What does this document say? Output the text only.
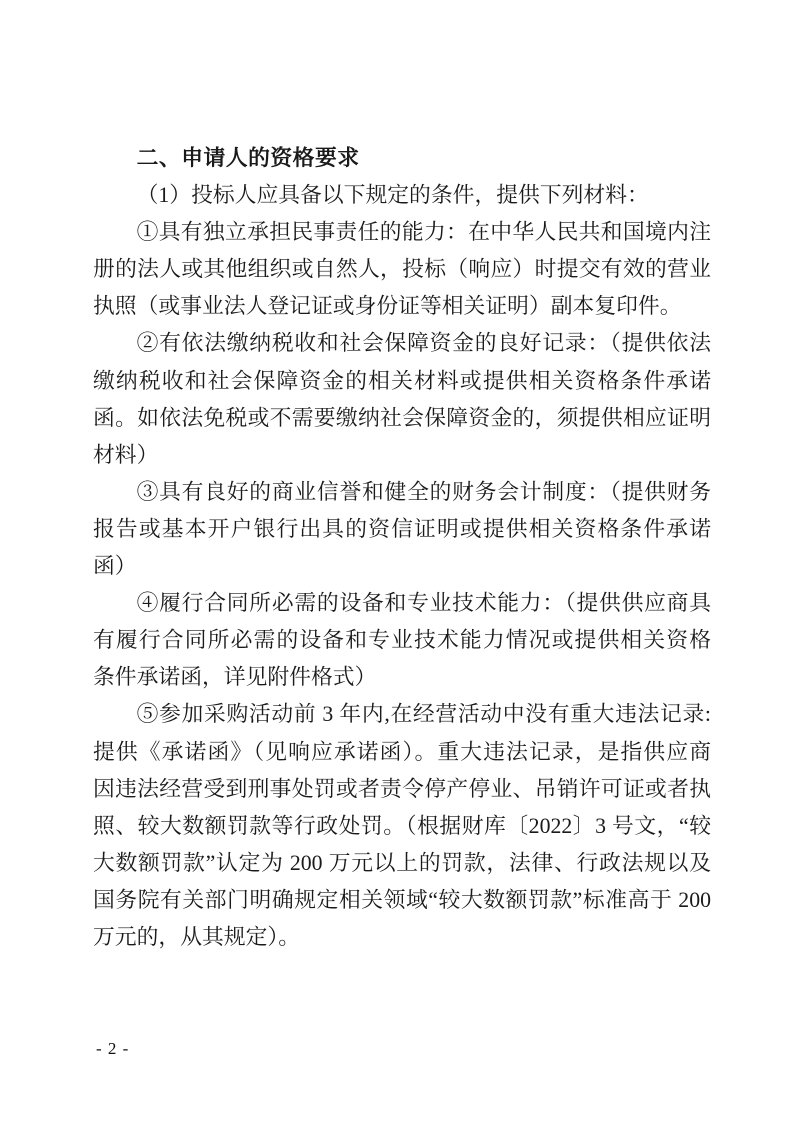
二、申请人的资格要求
（1）投标人应具备以下规定的条件，提供下列材料：
①具有独立承担民事责任的能力：在中华人民共和国境内注
册的法人或其他组织或自然人，投标（响应）时提交有效的营业
执照（或事业法人登记证或身份证等相关证明）副本复印件。
②有依法缴纳税收和社会保障资金的良好记录：（提供依法
缴纳税收和社会保障资金的相关材料或提供相关资格条件承诺
函。如依法免税或不需要缴纳社会保障资金的，须提供相应证明
材料）
③具有良好的商业信誉和健全的财务会计制度：（提供财务
报告或基本开户银行出具的资信证明或提供相关资格条件承诺
函）
④履行合同所必需的设备和专业技术能力：（提供供应商具
有履行合同所必需的设备和专业技术能力情况或提供相关资格
条件承诺函，详见附件格式）
⑤参加采购活动前 3 年内,在经营活动中没有重大违法记录:
提供《承诺函》（见响应承诺函）。重大违法记录，是指供应商
因违法经营受到刑事处罚或者责令停产停业、吊销许可证或者执
照、较大数额罚款等行政处罚。（根据财库〔2022〕3 号文，“较
大数额罚款”认定为 200 万元以上的罚款，法律、行政法规以及
国务院有关部门明确规定相关领域“较大数额罚款”标准高于 200
万元的，从其规定）。
- 2 -
